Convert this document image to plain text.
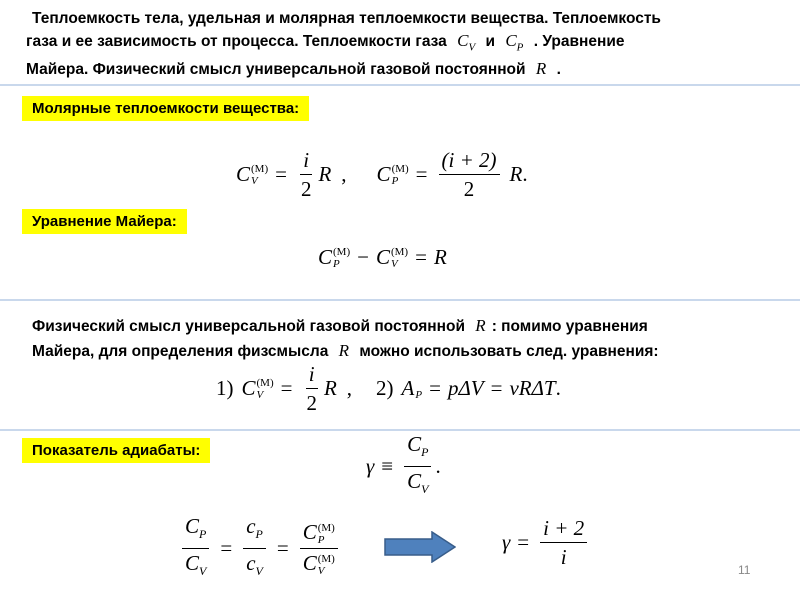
Теплоемкость тела, удельная и молярная теплоемкости вещества. Теплоемкость
газа и ее зависимость от процесса. Теплоемкости газа $C_V$ и $C_P$ . Уравнение
Майера. Физический смысл универсальной газовой постоянной R .
Молярные теплоемкости вещества:
C (M)
$V = \frac{i}{2}$ R , C (M)
$P = \frac{(i + 2)}{2}$ R .
Уравнение Майера:
C (M)
P − C (M)
V = R
Физический смысл универсальной газовой постоянной R : помимо уравнения
Майера, для определения физсмысла R можно использовать след. уравнения:
1) C (M)
$V = \frac{i}{2}$ R , 2) A
P = pΔV = νRΔT .
Показатель адиабаты:
$\gamma \equiv \frac{C_P}{C_V}$ .
$\frac{C_P}{C_V} = \frac{c_P}{c_V} = C$ (M)
P
C (M)
V	$\gamma = \frac{i + 2}{i}$
11
